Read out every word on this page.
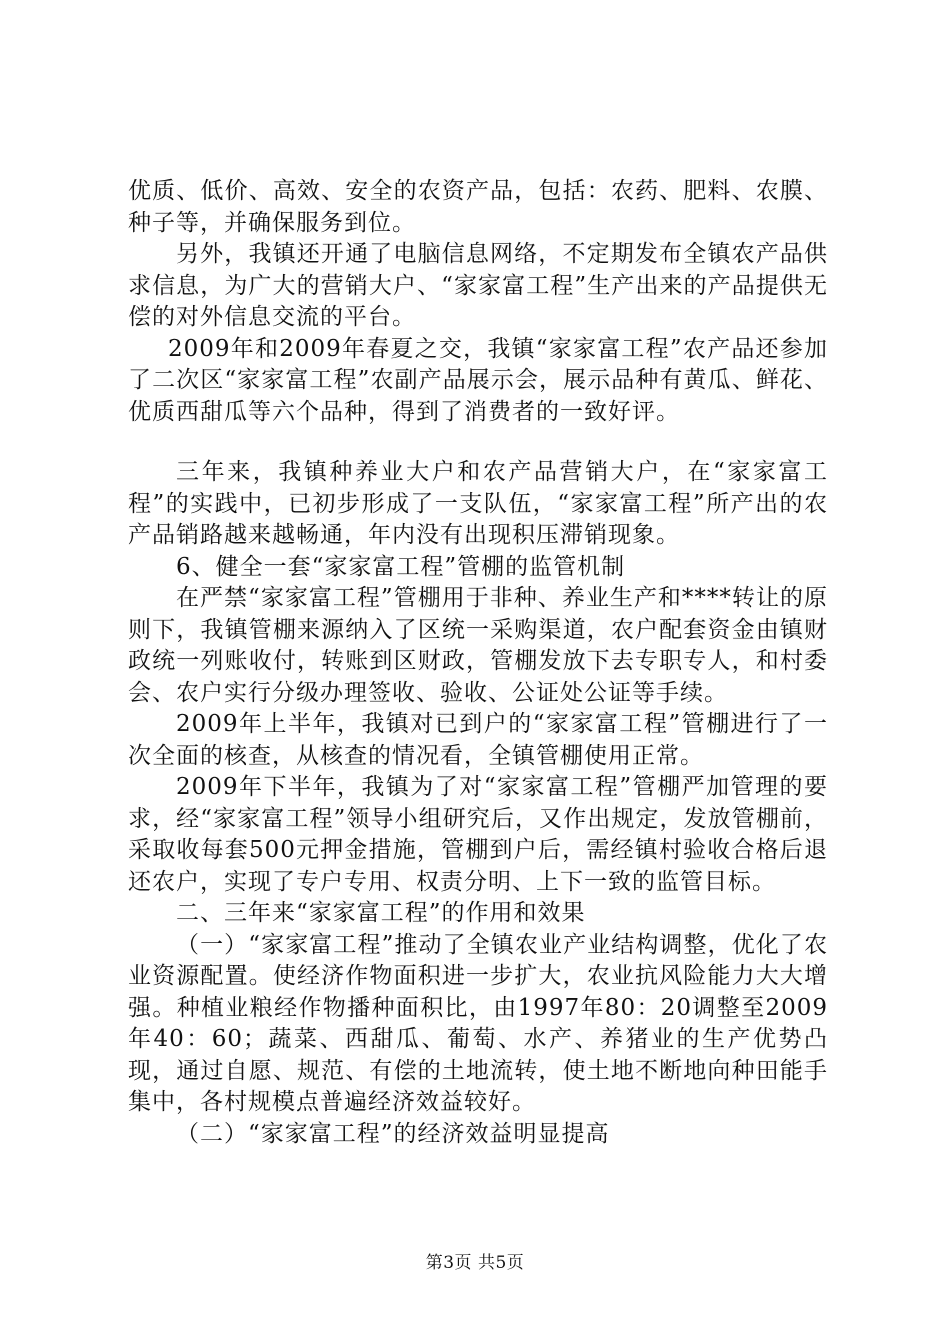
优质、低价、高效、安全的农资产品，包括：农药、肥料、农膜、种子等，并确保服务到位。

另外，我镇还开通了电脑信息网络，不定期发布全镇农产品供求信息，为广大的营销大户、“家家富工程”生产出来的产品提供无偿的对外信息交流的平台。

2009年和2009年春夏之交，我镇“家家富工程”农产品还参加了二次区“家家富工程”农副产品展示会，展示品种有黄瓜、鲜花、优质西甜瓜等六个品种，得到了消费者的一致好评。

三年来，我镇种养业大户和农产品营销大户，在“家家富工程”的实践中，已初步形成了一支队伍，“家家富工程”所产出的农产品销路越来越畅通，年内没有出现积压滞销现象。

6、健全一套“家家富工程”管棚的监管机制

在严禁“家家富工程”管棚用于非种、养业生产和****转让的原则下，我镇管棚来源纳入了区统一采购渠道，农户配套资金由镇财政统一列账收付，转账到区财政，管棚发放下去专职专人，和村委会、农户实行分级办理签收、验收、公证处公证等手续。

2009年上半年，我镇对已到户的“家家富工程”管棚进行了一次全面的核查，从核查的情况看，全镇管棚使用正常。

2009年下半年，我镇为了对“家家富工程”管棚严加管理的要求，经“家家富工程”领导小组研究后，又作出规定，发放管棚前，采取收每套500元押金措施，管棚到户后，需经镇村验收合格后退还农户，实现了专户专用、权责分明、上下一致的监管目标。

二、三年来“家家富工程”的作用和效果

（一）“家家富工程”推动了全镇农业产业结构调整，优化了农业资源配置。使经济作物面积进一步扩大，农业抗风险能力大大增强。种植业粮经作物播种面积比，由1997年80：20调整至2009年40：60；蔬菜、西甜瓜、葡萄、水产、养猪业的生产优势凸现，通过自愿、规范、有偿的土地流转，使土地不断地向种田能手集中，各村规模点普遍经济效益较好。

（二）“家家富工程”的经济效益明显提高

第3页 共5页
